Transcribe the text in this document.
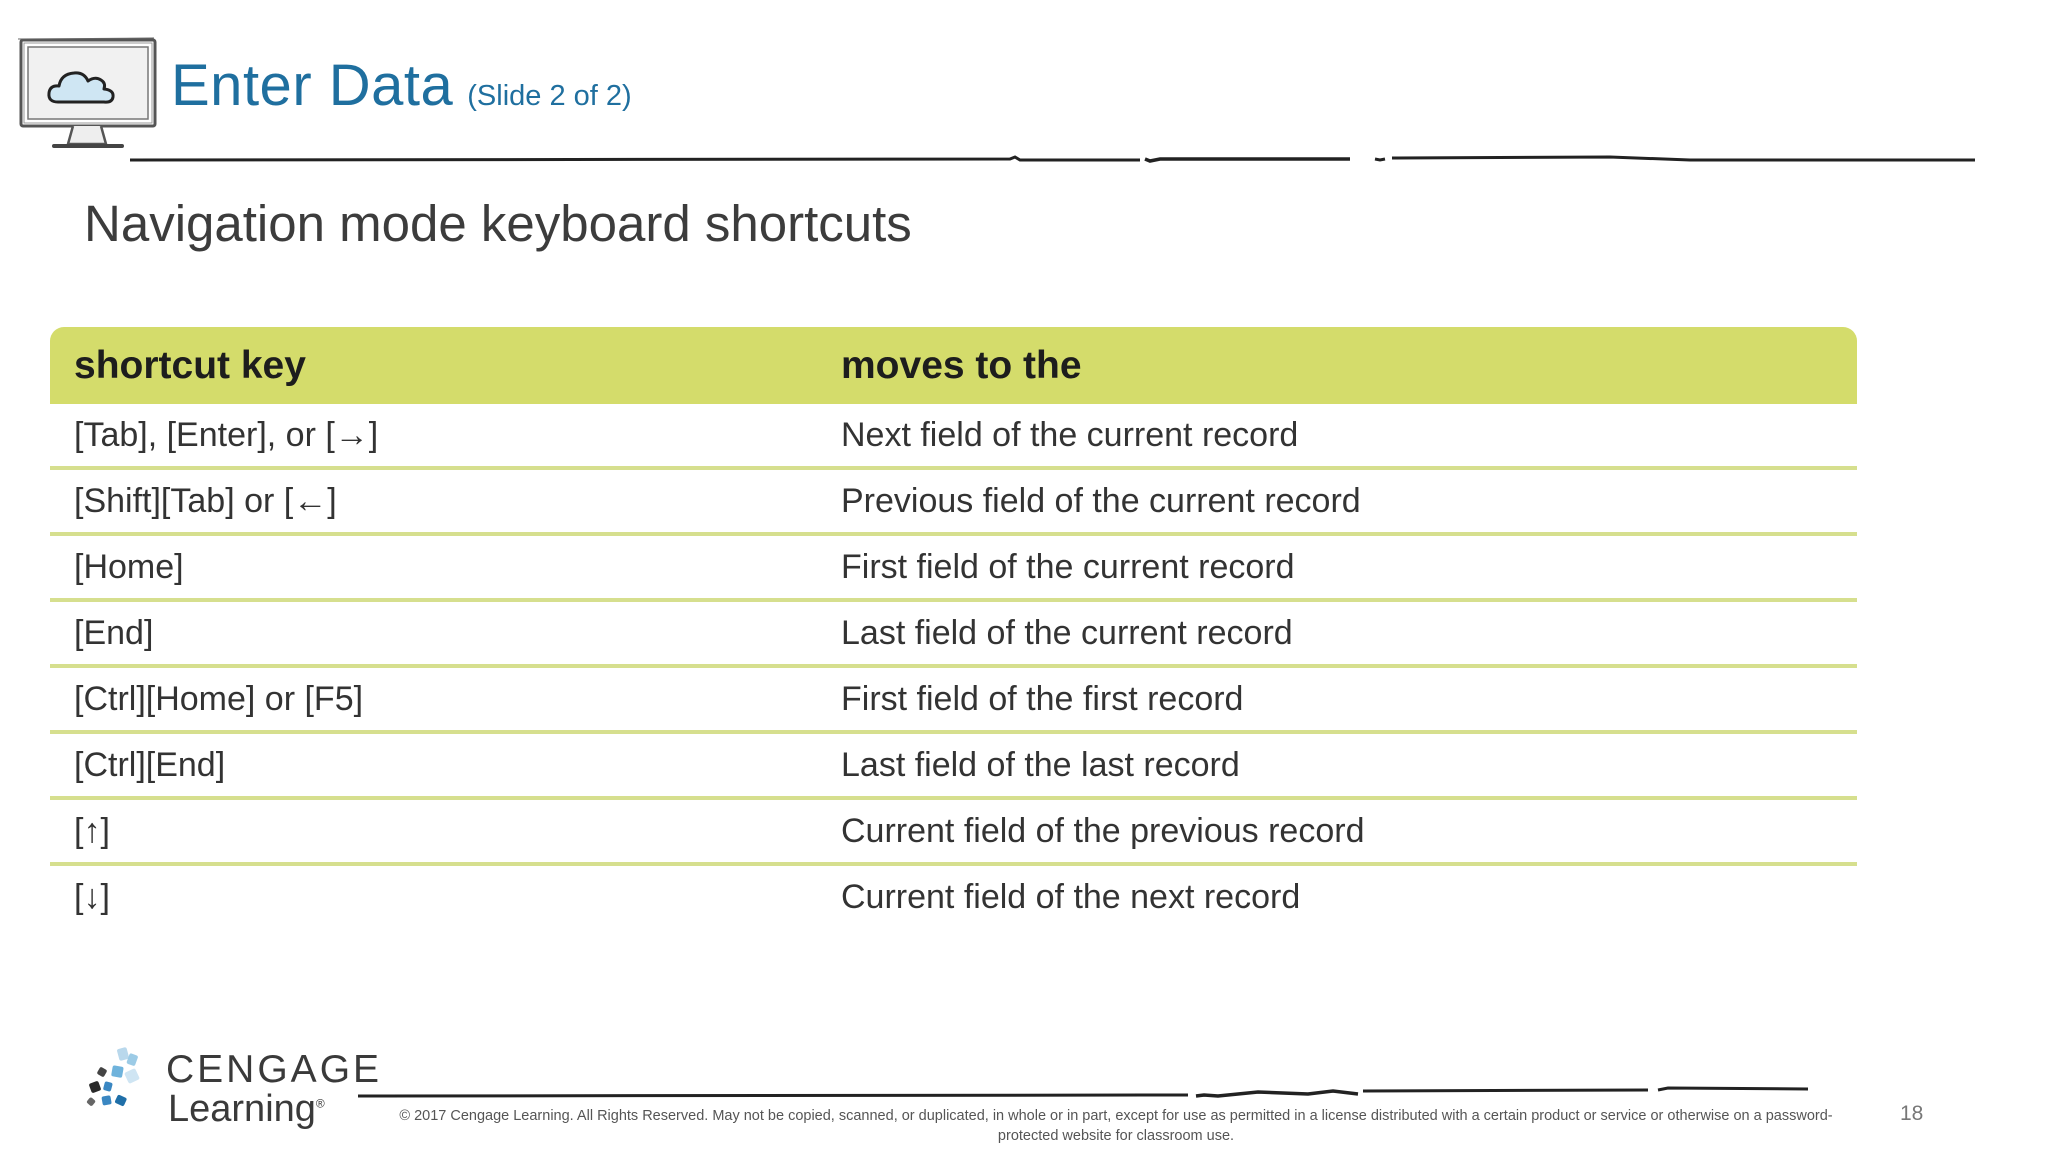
Enter Data (Slide 2 of 2)
Navigation mode keyboard shortcuts
shortcut key	moves to the
[Tab], [Enter], or [→]	Next field of the current record
[Shift][Tab] or [←]	Previous field of the current record
[Home]	First field of the current record
[End]	Last field of the current record
[Ctrl][Home] or [F5]	First field of the first record
[Ctrl][End]	Last field of the last record
[↑]	Current field of the previous record
[↓]	Current field of the next record
CENGAGE
Learning®
© 2017 Cengage Learning. All Rights Reserved. May not be copied, scanned, or duplicated, in whole or in part, except for use as permitted in a license distributed with a certain product or service or otherwise on a password-protected website for classroom use.
18
